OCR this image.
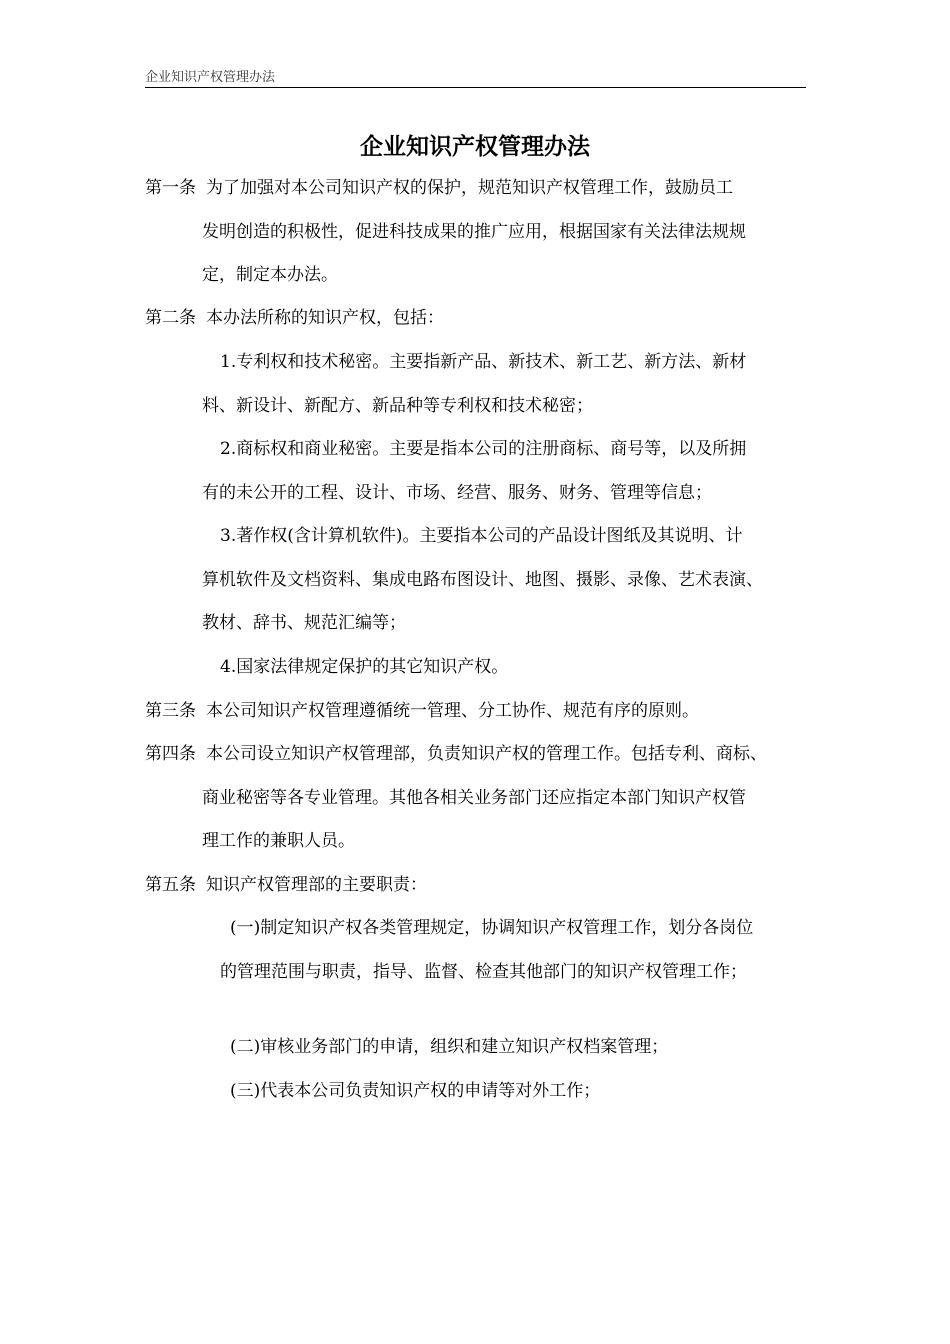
企业知识产权管理办法
企业知识产权管理办法
第一条 为了加强对本公司知识产权的保护，规范知识产权管理工作，鼓励员工
发明创造的积极性，促进科技成果的推广应用，根据国家有关法律法规规
定，制定本办法。
第二条 本办法所称的知识产权，包括：
1.专利权和技术秘密。主要指新产品、新技术、新工艺、新方法、新材
料、新设计、新配方、新品种等专利权和技术秘密；
2.商标权和商业秘密。主要是指本公司的注册商标、商号等，以及所拥
有的未公开的工程、设计、市场、经营、服务、财务、管理等信息；
3.著作权(含计算机软件)。主要指本公司的产品设计图纸及其说明、计
算机软件及文档资料、集成电路布图设计、地图、摄影、录像、艺术表演、
教材、辞书、规范汇编等；
4.国家法律规定保护的其它知识产权。
第三条 本公司知识产权管理遵循统一管理、分工协作、规范有序的原则。
第四条 本公司设立知识产权管理部，负责知识产权的管理工作。包括专利、商标、
商业秘密等各专业管理。其他各相关业务部门还应指定本部门知识产权管
理工作的兼职人员。
第五条 知识产权管理部的主要职责：
(一)制定知识产权各类管理规定，协调知识产权管理工作，划分各岗位
的管理范围与职责，指导、监督、检查其他部门的知识产权管理工作；
(二)审核业务部门的申请，组织和建立知识产权档案管理；
(三)代表本公司负责知识产权的申请等对外工作；
